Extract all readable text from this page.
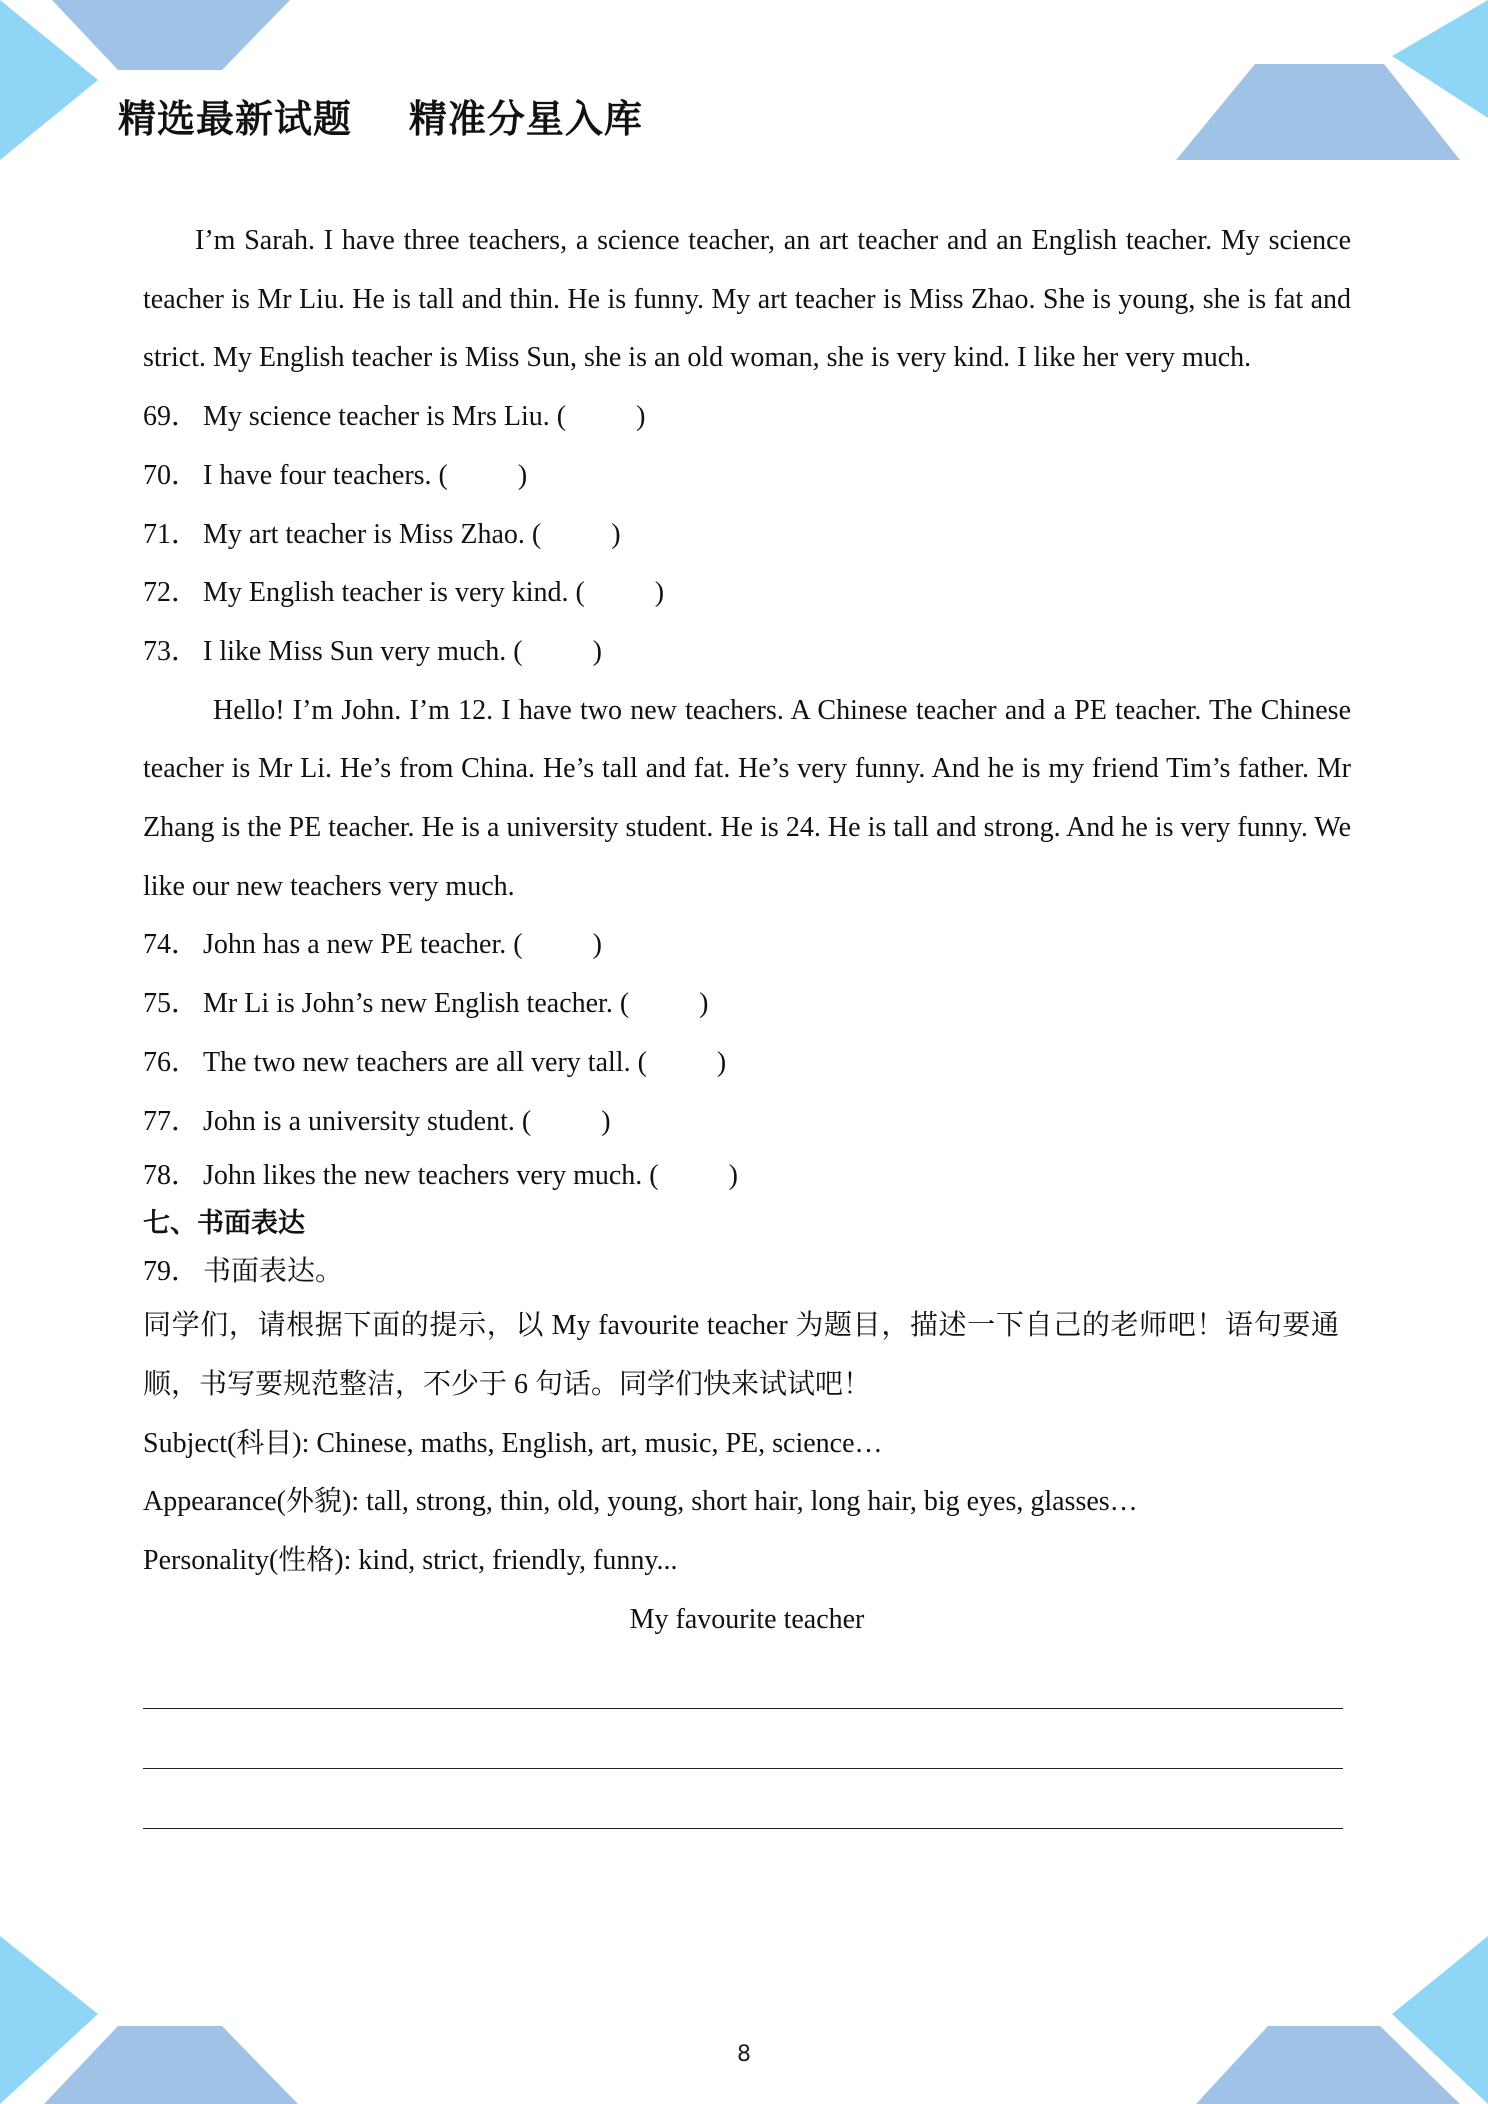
精选最新试题    精准分星入库

I’m Sarah. I have three teachers, a science teacher, an art teacher and an English teacher. My science teacher is Mr Liu. He is tall and thin. He is funny. My art teacher is Miss Zhao. She is young, she is fat and strict. My English teacher is Miss Sun, she is an old woman, she is very kind. I like her very much.

69． My science teacher is Mrs Liu. (          )

70． I have four teachers. (          )

71． My art teacher is Miss Zhao. (          )

72． My English teacher is very kind. (          )

73． I like Miss Sun very much. (          )

Hello! I’m John. I’m 12. I have two new teachers. A Chinese teacher and a PE teacher. The Chinese teacher is Mr Li. He’s from China. He’s tall and fat. He’s very funny. And he is my friend Tim’s father. Mr Zhang is the PE teacher. He is a university student. He is 24. He is tall and strong. And he is very funny. We like our new teachers very much.

74． John has a new PE teacher. (          )

75． Mr Li is John’s new English teacher. (          )

76． The two new teachers are all very tall. (          )

77． John is a university student. (          )

78． John likes the new teachers very much. (          )

七、书面表达

79． 书面表达。

同学们，请根据下面的提示，以 My favourite teacher 为题目，描述一下自己的老师吧！语句要通顺，书写要规范整洁，不少于 6 句话。同学们快来试试吧！

Subject(科目): Chinese, maths, English, art, music, PE, science…

Appearance(外貌): tall, strong, thin, old, young, short hair, long hair, big eyes, glasses…

Personality(性格): kind, strict, friendly, funny...

My favourite teacher

8
